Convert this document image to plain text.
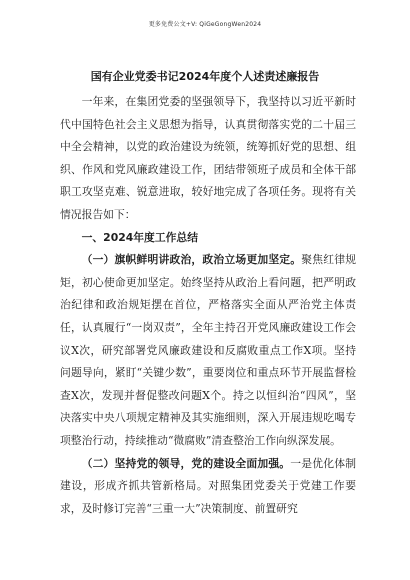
更多免费公文+V: QiGeGongWen2024
国有企业党委书记2024年度个人述责述廉报告

一年来，在集团党委的坚强领导下，我坚持以习近平新时代中国特色社会主义思想为指导，认真贯彻落实党的二十届三中全会精神，以党的政治建设为统领，统筹抓好党的思想、组织、作风和党风廉政建设工作，团结带领班子成员和全体干部职工攻坚克难、锐意进取，较好地完成了各项任务。现将有关情况报告如下：

一、2024年度工作总结

（一）旗帜鲜明讲政治，政治立场更加坚定。聚焦红律规矩，初心使命更加坚定。始终坚持从政治上看问题，把严明政治纪律和政治规矩摆在首位，严格落实全面从严治党主体责任，认真履行“一岗双责”，全年主持召开党风廉政建设工作会议X次，研究部署党风廉政建设和反腐败重点工作X项。坚持问题导向，紧盯“关键少数”，重要岗位和重点环节开展监督检查X次，发现并督促整改问题X个。持之以恒纠治“四风”，坚决落实中央八项规定精神及其实施细则，深入开展违规吃喝专项整治行动，持续推动“微腐败”清查整治工作向纵深发展。

（二）坚持党的领导，党的建设全面加强。一是优化体制建设，形成齐抓共管新格局。对照集团党委关于党建工作要求，及时修订完善“三重一大”决策制度、前置研究
